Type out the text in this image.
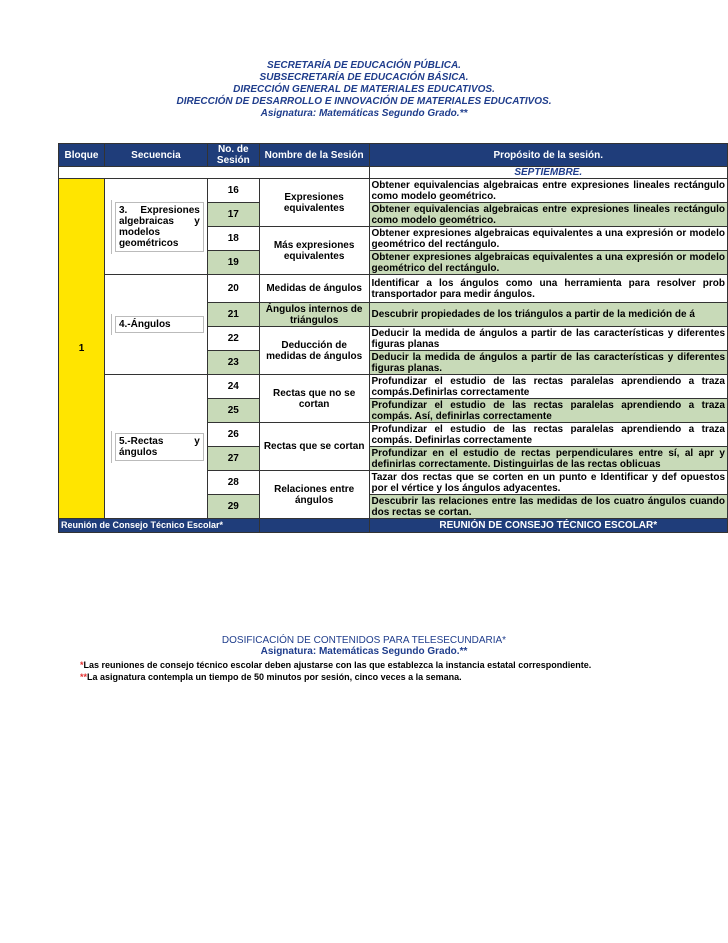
SECRETARÍA DE EDUCACIÓN PÚBLICA.
SUBSECRETARÍA DE EDUCACIÓN BÁSICA.
DIRECCIÓN GENERAL DE MATERIALES EDUCATIVOS.
DIRECCIÓN DE DESARROLLO E INNOVACIÓN DE MATERIALES EDUCATIVOS.
Asignatura: Matemáticas Segundo Grado.**
Bloque	Secuencia	No. de Sesión	Nombre de la Sesión	Propósito de la sesión.
				SEPTIEMBRE.
1	3. Expresiones algebraicas y modelos geométricos	16	Expresiones equivalentes	Obtener equivalencias algebraicas entre expresiones lineales rectángulo como modelo geométrico.
		17		Obtener equivalencias algebraicas entre expresiones lineales rectángulo como modelo geométrico.
		18	Más expresiones equivalentes	Obtener expresiones algebraicas equivalentes a una expresión or modelo geométrico del rectángulo.
		19		Obtener expresiones algebraicas equivalentes a una expresión or modelo geométrico del rectángulo.

	4.-Ángulos	20	Medidas de ángulos	Identificar a los ángulos como una herramienta para resolver prob transportador para medir ángulos.
		21	Ángulos internos de triángulos	Descubrir propiedades de los triángulos a partir de la medición de á
		22	Deducción de medidas de ángulos	Deducir la medida de ángulos a partir de las características y diferentes figuras planas
		23		Deducir la medida de ángulos a partir de las características y diferentes figuras planas.

	5.-Rectas y ángulos	24	Rectas que no se cortan	Profundizar el estudio de las rectas paralelas aprendiendo a traza compás.Definirlas correctamente
		25		Profundizar el estudio de las rectas paralelas aprendiendo a traza compás. Así, definirlas correctamente
		26	Rectas que se cortan	Profundizar el estudio de las rectas paralelas aprendiendo a traza compás. Definirlas correctamente
		27		Profundizar en el estudio de rectas perpendiculares entre sí, al apr y definirlas correctamente. Distinguirlas de las rectas oblicuas
		28	Relaciones entre ángulos	Tazar dos rectas que se corten en un punto e Identificar y def opuestos por el vértice y los ángulos adyacentes.
		29		Descubrir las relaciones entre las medidas de los cuatro ángulos cuando dos rectas se cortan.
Reunión de Consejo Técnico Escolar*				REUNIÓN DE CONSEJO TÉCNICO ESCOLAR*
DOSIFICACIÓN DE CONTENIDOS PARA TELESECUNDARIA*
Asignatura: Matemáticas Segundo Grado.**
*Las reuniones de consejo técnico escolar deben ajustarse con las que establezca la instancia estatal correspondiente.
**La asignatura contempla un tiempo de 50 minutos por sesión, cinco veces a la semana.
